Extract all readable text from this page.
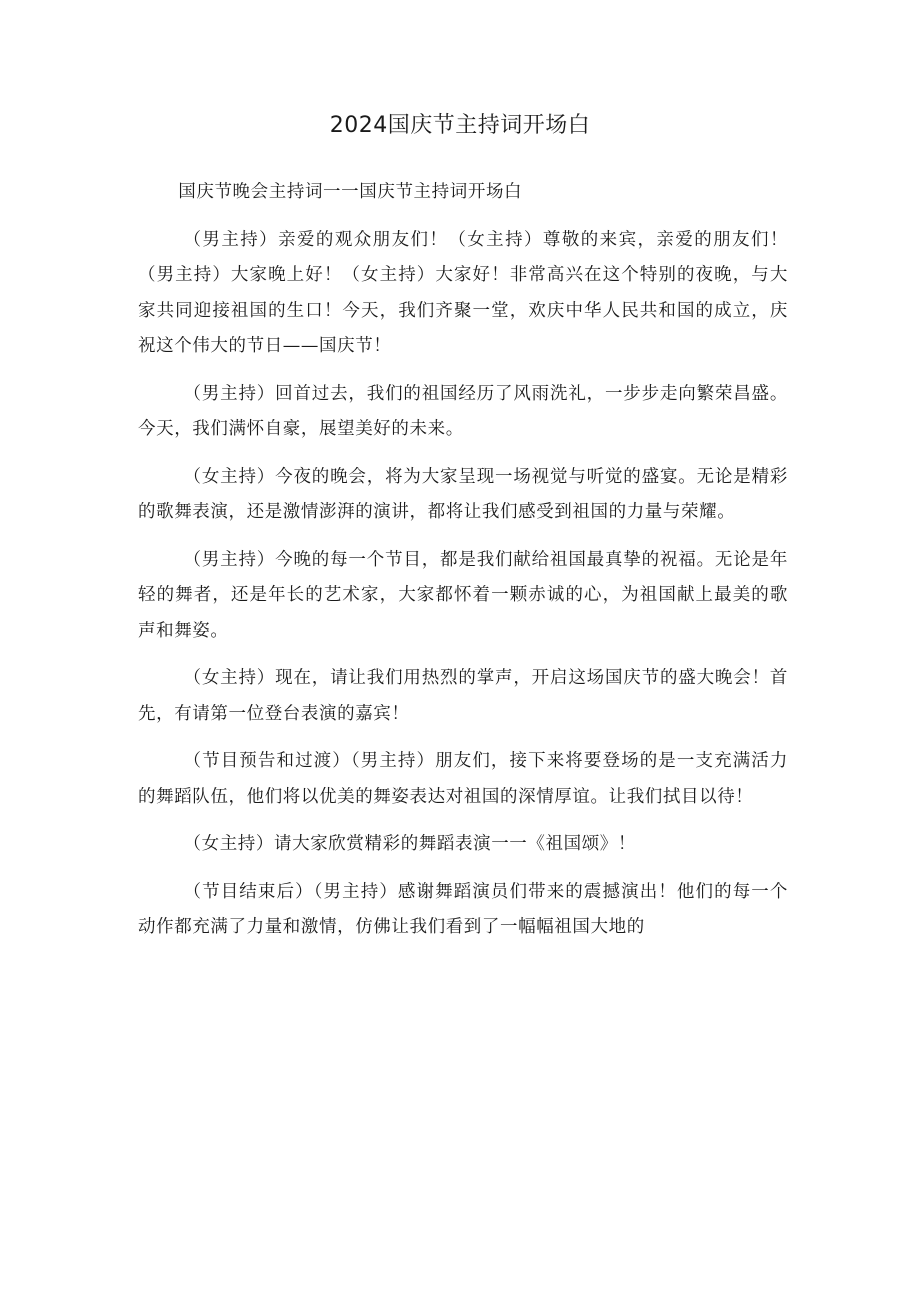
2024国庆节主持词开场白

国庆节晚会主持词一一国庆节主持词开场白

（男主持）亲爱的观众朋友们！（女主持）尊敬的来宾，亲爱的朋友们！（男主持）大家晚上好！（女主持）大家好！非常高兴在这个特别的夜晚，与大家共同迎接祖国的生口！今天，我们齐聚一堂，欢庆中华人民共和国的成立，庆祝这个伟大的节日——国庆节！

（男主持）回首过去，我们的祖国经历了风雨洗礼，一步步走向繁荣昌盛。今天，我们满怀自豪，展望美好的未来。

（女主持）今夜的晚会，将为大家呈现一场视觉与听觉的盛宴。无论是精彩的歌舞表演，还是激情澎湃的演讲，都将让我们感受到祖国的力量与荣耀。

（男主持）今晚的每一个节目，都是我们献给祖国最真挚的祝福。无论是年轻的舞者，还是年长的艺术家，大家都怀着一颗赤诚的心，为祖国献上最美的歌声和舞姿。

（女主持）现在，请让我们用热烈的掌声，开启这场国庆节的盛大晚会！首先，有请第一位登台表演的嘉宾！

（节目预告和过渡）（男主持）朋友们，接下来将要登场的是一支充满活力的舞蹈队伍，他们将以优美的舞姿表达对祖国的深情厚谊。让我们拭目以待！

（女主持）请大家欣赏精彩的舞蹈表演一一《祖国颂》！

（节目结束后）（男主持）感谢舞蹈演员们带来的震撼演出！他们的每一个动作都充满了力量和激情，仿佛让我们看到了一幅幅祖国大地的
